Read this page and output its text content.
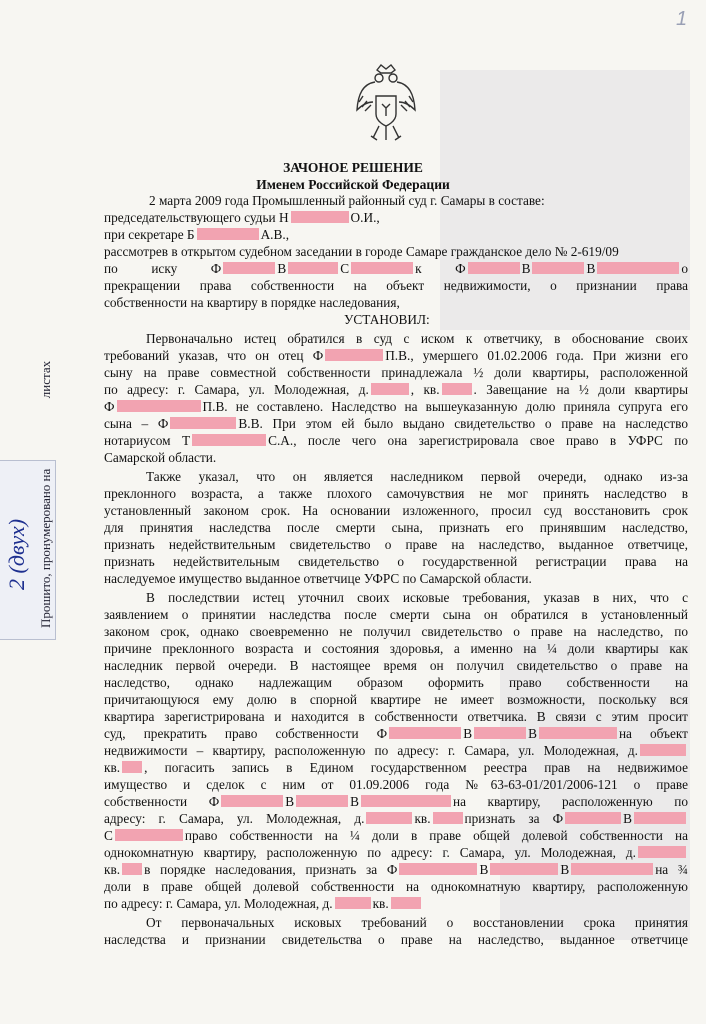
1
ЗАЧОНОЕ РЕШЕНИЕ
Именем Российской Федерации
2 марта 2009 года Промышленный районный суд г. Самары в составе:
председательствующего судьи Н	О.И.,
при секретаре Б	А.В.,
рассмотрев в открытом судебном заседании в городе Самаре гражданское дело № 2-619/09
по иску Ф	В	С	к Ф	В	В	о
прекращении права собственности на объект недвижимости, о признании права
собственности на квартиру в порядке наследования,
УСТАНОВИЛ:
Первоначально истец обратился в суд с иском к ответчику, в обоснование своих
требований указав, что он отец Ф	П.В., умершего 01.02.2006 года. При жизни его
сыну на праве совместной собственности принадлежала ½ доли квартиры, расположенной
по адресу: г. Самара, ул. Молодежная, д.	, кв.	. Завещание на ½ доли квартиры
Ф	П.В. не составлено. Наследство на вышеуказанную долю приняла супруга его
сына – Ф	В.В. При этом ей было выдано свидетельство о праве на наследство
нотариусом Т	С.А., после чего она зарегистрировала свое право в УФРС по
Самарской области.
Также указал, что он является наследником первой очереди, однако из-за
преклонного возраста, а также плохого самочувствия не мог принять наследство в
установленный законом срок. На основании изложенного, просил суд восстановить срок
для принятия наследства после смерти сына, признать его принявшим наследство,
признать недействительным свидетельство о праве на наследство, выданное ответчице,
признать недействительным свидетельство о государственной регистрации права на
наследуемое имущество выданное ответчице УФРС по Самарской области.
В последствии истец уточнил своих исковые требования, указав в них, что с
заявлением о принятии наследства после смерти сына он обратился в установленный
законом срок, однако своевременно не получил свидетельство о праве на наследство, по
причине преклонного возраста и состояния здоровья, а именно на ¼ доли квартиры как
наследник первой очереди. В настоящее время он получил свидетельство о праве на
наследство, однако надлежащим образом оформить право собственности на
причитающуюся ему долю в спорной квартире не имеет возможности, поскольку вся
квартира зарегистрирована и находится в собственности ответчика. В связи с этим просит
суд, прекратить право собственности Ф	В	В	на объект
недвижимости – квартиру, расположенную по адресу: г. Самара, ул. Молодежная, д.
кв. , погасить запись в Едином государственном реестра прав на недвижимое
имущество и сделок с ним от 01.09.2006 года №63-63-01/201/2006-121 о праве
собственности Ф	В	В	на квартиру, расположенную по
адресу: г. Самара, ул. Молодежная, д.	кв.	признать за Ф	В
С	право собственности на ¼ доли в праве общей долевой собственности на
однокомнатную квартиру, расположенную по адресу: г. Самара, ул. Молодежная, д.
кв. в порядке наследования, признать за Ф	В	В	на ¾
доли в праве общей долевой собственности на однокомнатную квартиру, расположенную
по адресу: г. Самара, ул. Молодежная, д.	кв.
От первоначальных исковых требований о восстановлении срока принятия
наследства и признании свидетельства о праве на наследство, выданное ответчице
Прошито, пронумеровано на  листах
2 (двух)
